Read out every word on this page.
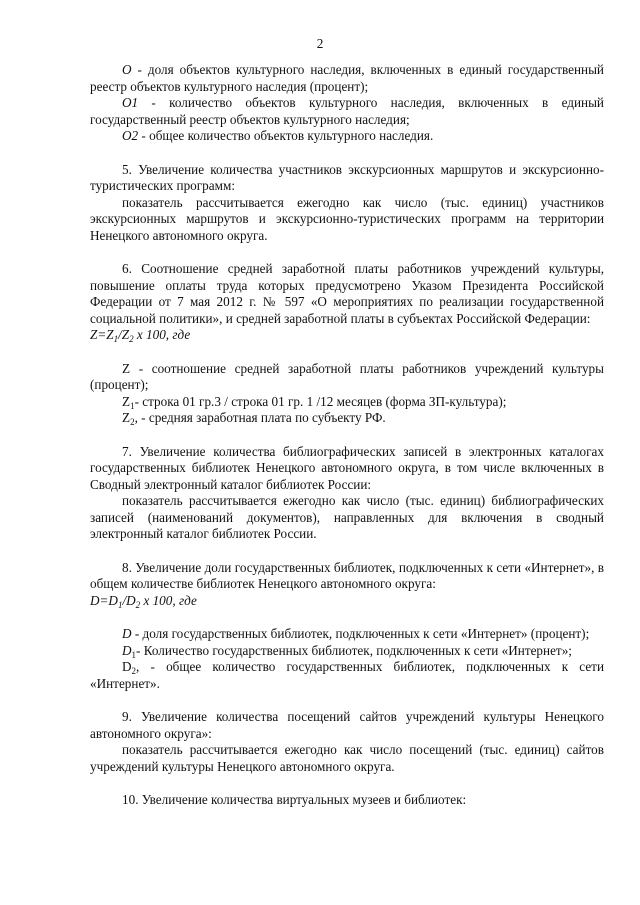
2

O - доля объектов культурного наследия, включенных в единый государственный реестр объектов культурного наследия (процент);

O1 - количество объектов культурного наследия, включенных в единый государственный реестр объектов культурного наследия;

O2 - общее количество объектов культурного наследия.

5. Увеличение количества участников экскурсионных маршрутов и экскурсионно-туристических программ:

показатель рассчитывается ежегодно как число (тыс. единиц) участников экскурсионных маршрутов и экскурсионно-туристических программ на территории Ненецкого автономного округа.

6. Соотношение средней заработной платы работников учреждений культуры, повышение оплаты труда которых предусмотрено Указом Президента Российской Федерации от 7 мая 2012 г. № 597 «О мероприятиях по реализации государственной социальной политики», и средней заработной платы в субъектах Российской Федерации:

$Z=Z_1/Z_2$ x 100, где

Z - соотношение средней заработной платы работников учреждений культуры (процент);

$Z_1-$ строка 01 гр.3 / строка 01 гр. 1 /12 месяцев (форма ЗП-культура);

$Z_2$, - средняя заработная плата по субъекту РФ.

7. Увеличение количества библиографических записей в электронных каталогах государственных библиотек Ненецкого автономного округа, в том числе включенных в Сводный электронный каталог библиотек России:

показатель рассчитывается ежегодно как число (тыс. единиц) библиографических записей (наименований документов), направленных для включения в сводный электронный каталог библиотек России.

8. Увеличение доли государственных библиотек, подключенных к сети «Интернет», в общем количестве библиотек Ненецкого автономного округа:

$D=D_1/D_2$ x 100, где

D - доля государственных библиотек, подключенных к сети «Интернет» (процент);

$D_1-$ Количество государственных библиотек, подключенных к сети «Интернет»;

$D_2$, - общее количество государственных библиотек, подключенных к сети «Интернет».

9. Увеличение количества посещений сайтов учреждений культуры Ненецкого автономного округа»:

показатель рассчитывается ежегодно как число посещений (тыс. единиц) сайтов учреждений культуры Ненецкого автономного округа.

10. Увеличение количества виртуальных музеев и библиотек:
